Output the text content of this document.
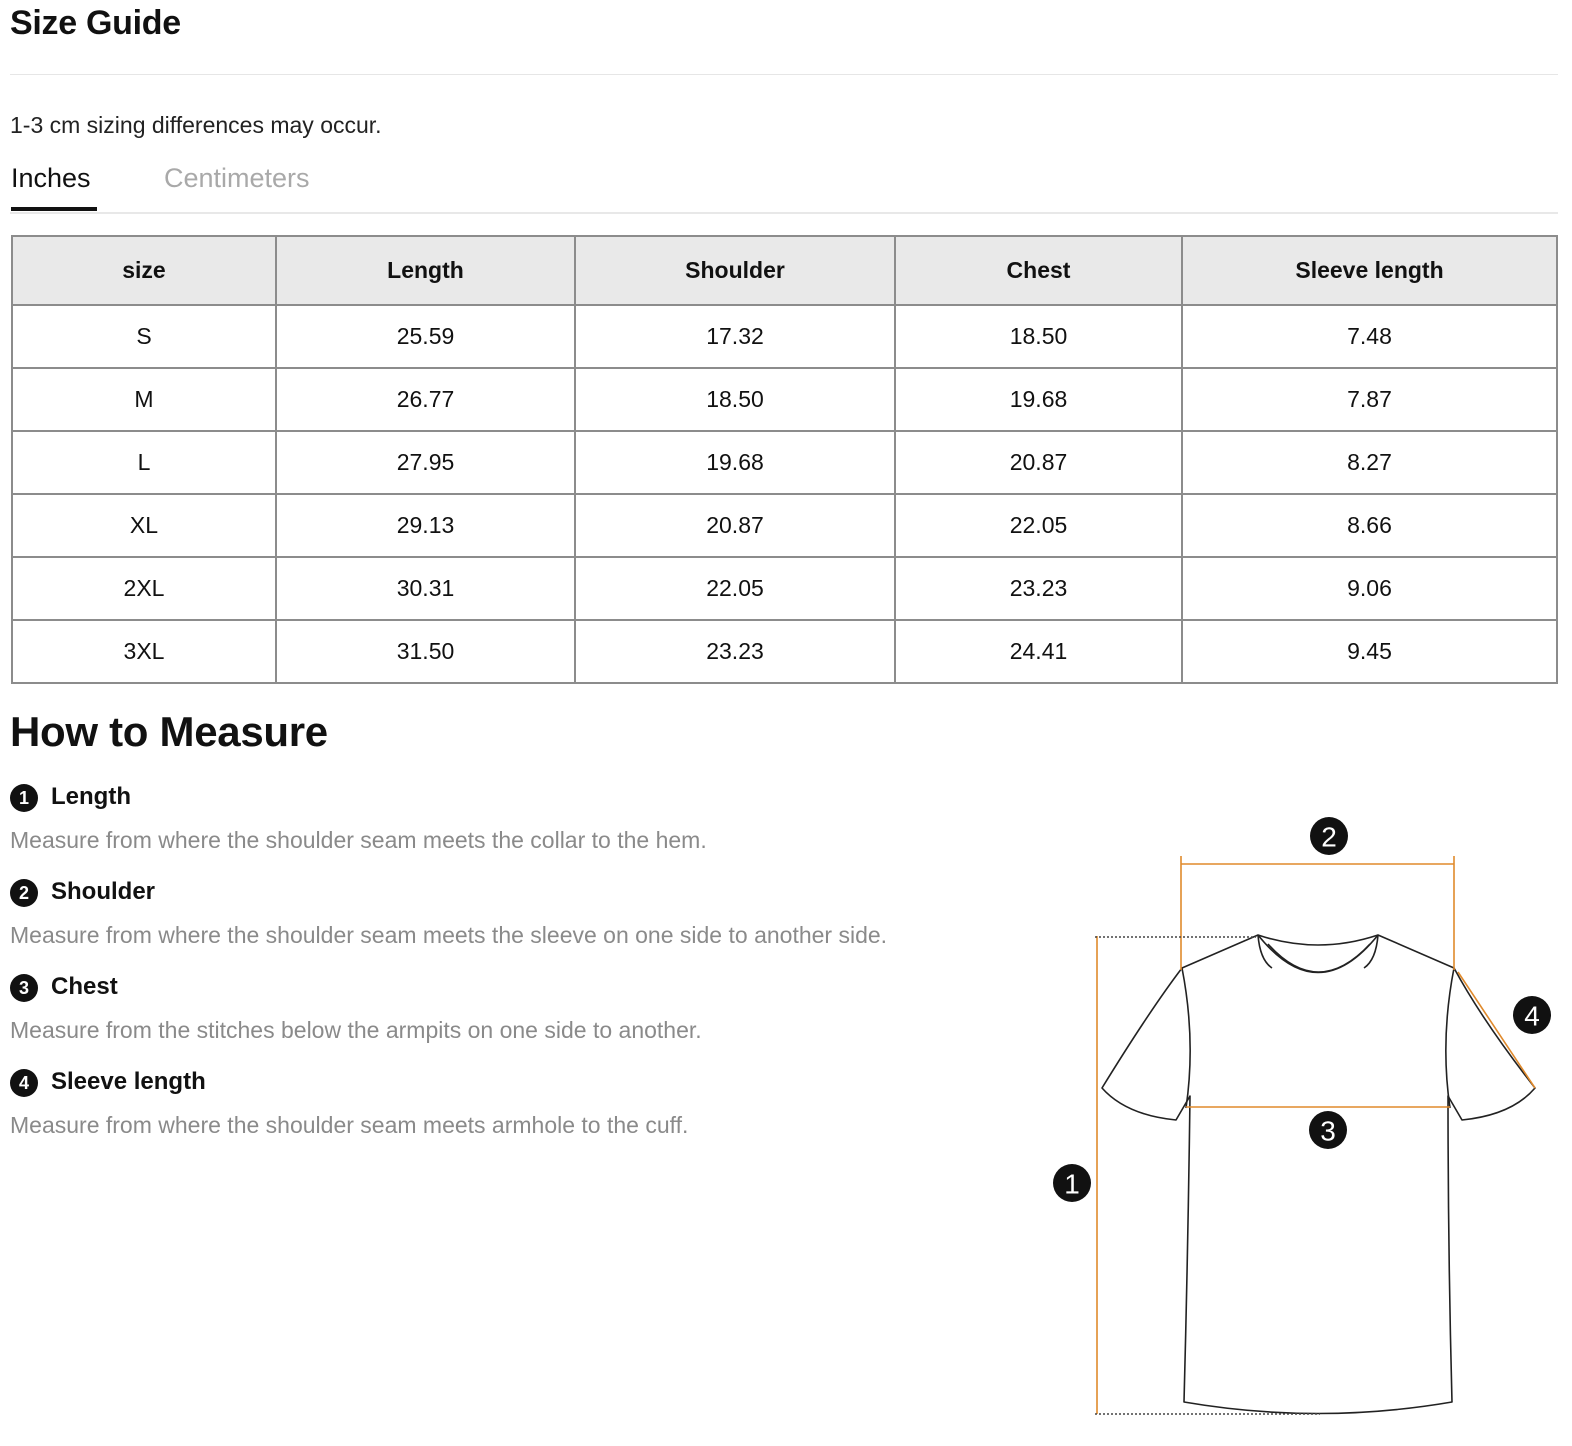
Size Guide
1-3 cm sizing differences may occur.
Inches	Centimeters
size	Length	Shoulder	Chest	Sleeve length
S	25.59	17.32	18.50	7.48
M	26.77	18.50	19.68	7.87
L	27.95	19.68	20.87	8.27
XL	29.13	20.87	22.05	8.66
2XL	30.31	22.05	23.23	9.06
3XL	31.50	23.23	24.41	9.45
How to Measure
1 Length
Measure from where the shoulder seam meets the collar to the hem.
2 Shoulder
Measure from where the shoulder seam meets the sleeve on one side to another side.
3 Chest
Measure from the stitches below the armpits on one side to another.
4 Sleeve length
Measure from where the shoulder seam meets armhole to the cuff.
2
3
4
1
